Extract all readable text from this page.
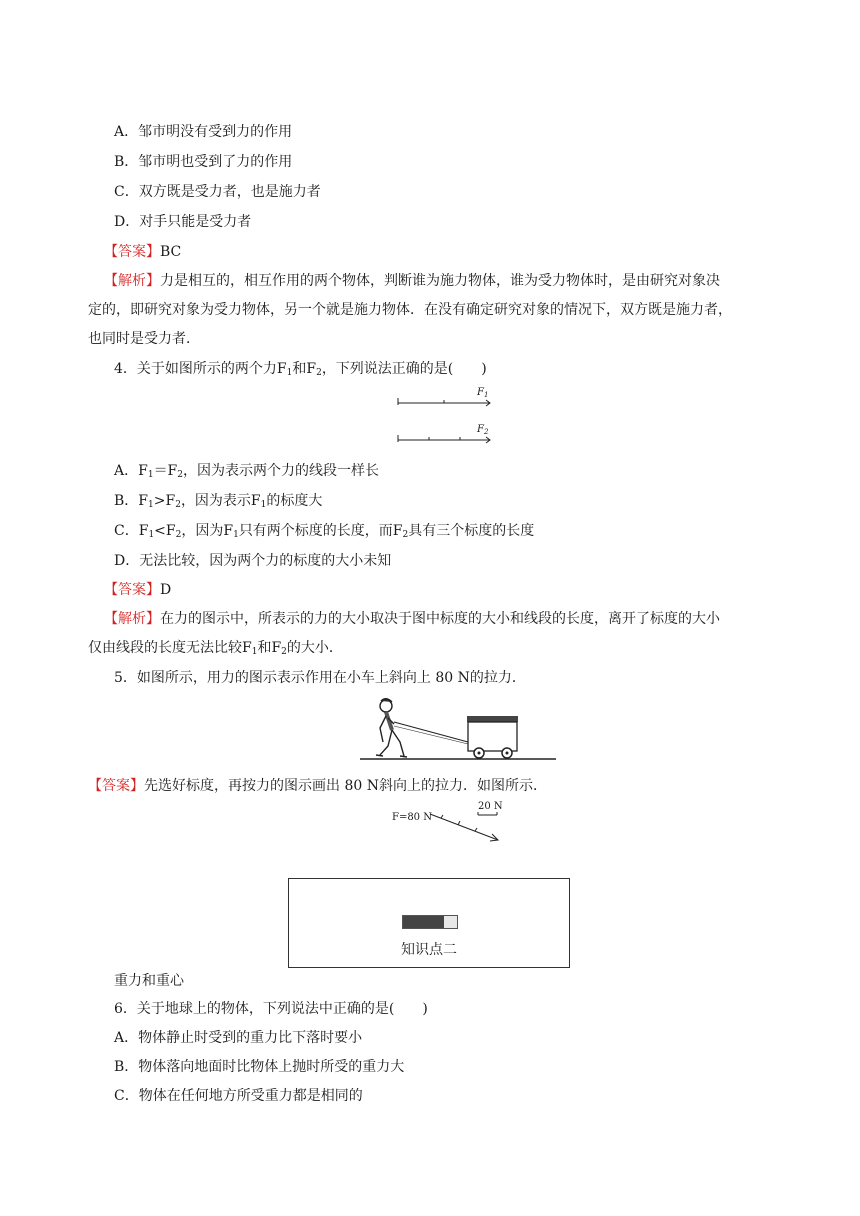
A．邹市明没有受到力的作用
B．邹市明也受到了力的作用
C．双方既是受力者，也是施力者
D．对手只能是受力者
【答案】BC
【解析】力是相互的，相互作用的两个物体，判断谁为施力物体，谁为受力物体时，是由研究对象决
定的，即研究对象为受力物体，另一个就是施力物体．在没有确定研究对象的情况下，双方既是施力者，
也同时是受力者．
4．关于如图所示的两个力$F_1$和$F_2$，下列说法正确的是(　　)
$F_1$
$F_2$
A．$F_1=F_2$，因为表示两个力的线段一样长
B．$F_1>F_2$，因为表示$F_1$的标度大
C．$F_1<F_2$，因为$F_1$只有两个标度的长度，而$F_2$具有三个标度的长度
D．无法比较，因为两个力的标度的大小未知
【答案】D
【解析】在力的图示中，所表示的力的大小取决于图中标度的大小和线段的长度，离开了标度的大小
仅由线段的长度无法比较$F_1$和$F_2$的大小．
5．如图所示，用力的图示表示作用在小车上斜向上 80 N的拉力．
【答案】先选好标度，再按力的图示画出 80 N斜向上的拉力．如图所示．
F=80 N
20 N
知识点二
重力和重心
6．关于地球上的物体，下列说法中正确的是(　　)
A．物体静止时受到的重力比下落时要小
B．物体落向地面时比物体上抛时所受的重力大
C．物体在任何地方所受重力都是相同的
